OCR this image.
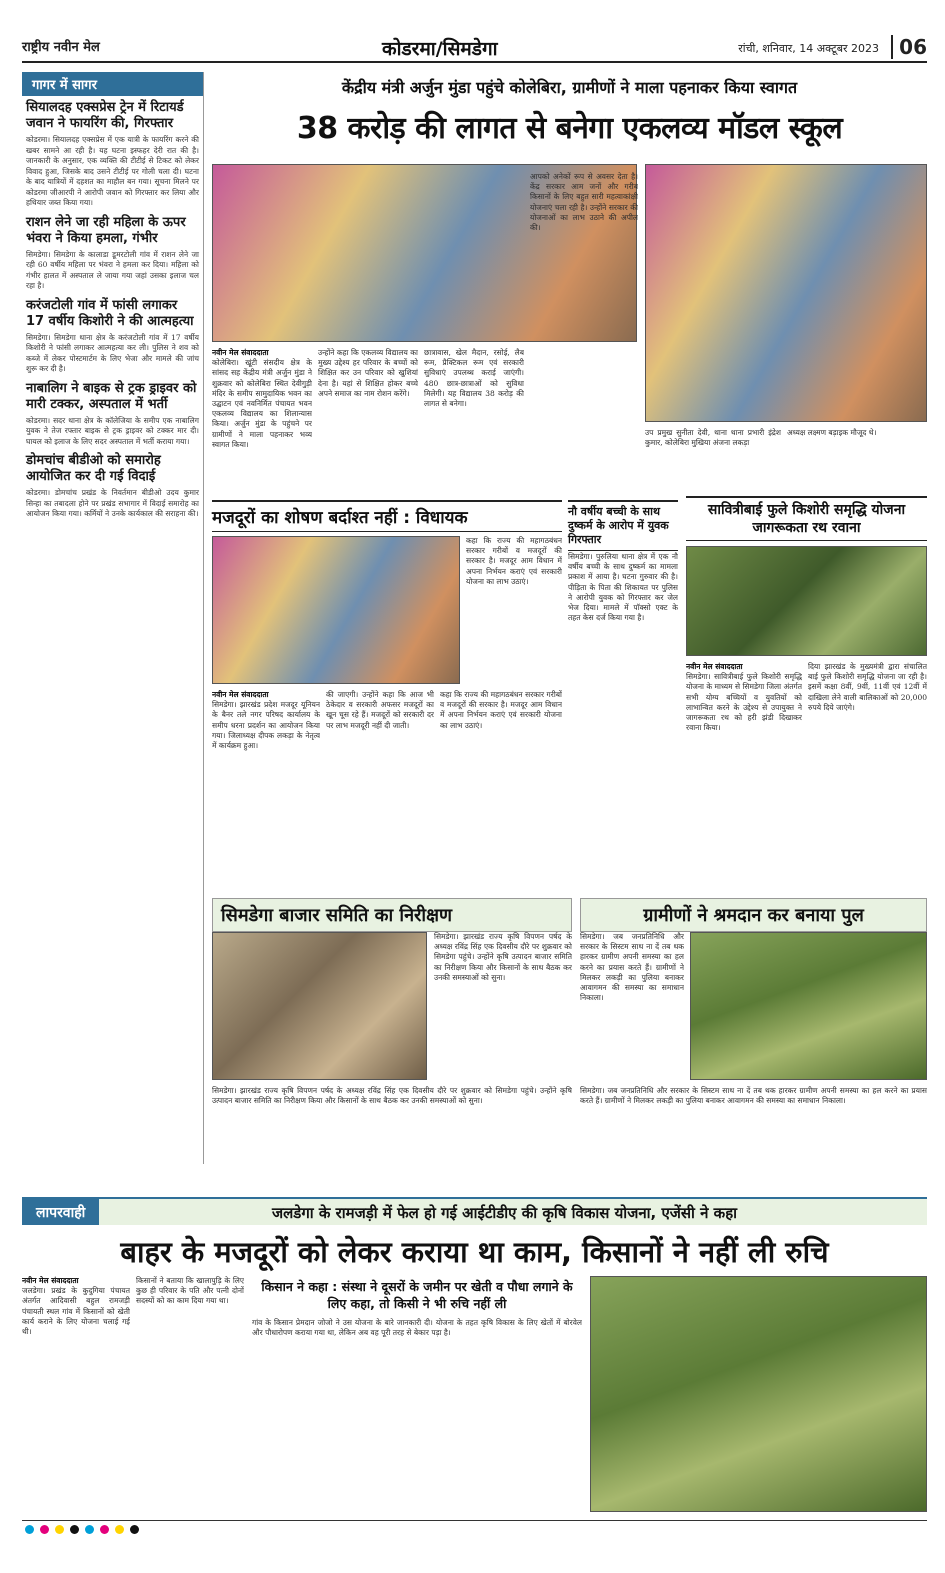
राष्ट्रीय नवीन मेल	कोडरमा/सिमडेगा	रांची, शनिवार, 14 अक्टूबर 2023	06
गागर में सागर
सियालदह एक्सप्रेस ट्रेन में रिटायर्ड जवान ने फायरिंग की, गिरफ्तार

कोडरमा। सियालदह एक्सप्रेस में एक यात्री के फायरिंग करने की खबर सामने आ रही है। यह घटना इस्फहर देरी रात की है। जानकारी के अनुसार, एक व्यक्ति की टीटीई से टिकट को लेकर विवाद हुआ, जिसके बाद उसने टीटीई पर गोली चला दी। घटना के बाद यात्रियों में दहशत का माहौल बन गया। सूचना मिलने पर कोडरमा जीआरपी ने आरोपी जवान को गिरफ्तार कर लिया और हथियार जब्त किया गया।

राशन लेने जा रही महिला के ऊपर भंवरा ने किया हमला, गंभीर

सिमडेगा। सिमडेगा के कालाडा डूमरटोली गांव में राशन लेने जा रही 60 वर्षीय महिला पर भंवरा ने हमला कर दिया। महिला को गंभीर हालत में अस्पताल ले जाया गया जहां उसका इलाज चल रहा है।

करंजटोली गांव में फांसी लगाकर 17 वर्षीय किशोरी ने की आत्महत्या

सिमडेगा। सिमडेगा थाना क्षेत्र के करंजटोली गांव में 17 वर्षीय किशोरी ने फांसी लगाकर आत्महत्या कर ली। पुलिस ने शव को कब्जे में लेकर पोस्टमार्टम के लिए भेजा और मामले की जांच शुरू कर दी है।

नाबालिग ने बाइक से ट्रक ड्राइवर को मारी टक्कर, अस्पताल में भर्ती

कोडरमा। सदर थाना क्षेत्र के कॉलेजिया के समीप एक नाबालिग युवक ने तेज रफ्तार बाइक से ट्रक ड्राइवर को टक्कर मार दी। घायल को इलाज के लिए सदर अस्पताल में भर्ती कराया गया।

डोमचांच बीडीओ को समारोह आयोजित कर दी गई विदाई

कोडरमा। डोमचांच प्रखंड के निवर्तमान बीडीओ उदय कुमार सिन्हा का तबादला होने पर प्रखंड सभागार में विदाई समारोह का आयोजन किया गया। कर्मियों ने उनके कार्यकाल की सराहना की।

केंद्रीय मंत्री अर्जुन मुंडा पहुंचे कोलेबिरा, ग्रामीणों ने माला पहनाकर किया स्वागत
38 करोड़ की लागत से बनेगा एकलव्य मॉडल स्कूल
नवीन मेल संवाददाता
कोलेबिरा। खूंटी संसदीय क्षेत्र के सांसद सह केंद्रीय मंत्री अर्जुन मुंडा ने शुक्रवार को कोलेबिरा स्थित देवीगुड़ी मंदिर के समीप सामुदायिक भवन का उद्घाटन एवं नवनिर्मित पंचायत भवन एकलव्य विद्यालय का शिलान्यास किया। अर्जुन मुंडा के पहुंचने पर ग्रामीणों ने माला पहनाकर भव्य स्वागत किया।
उन्होंने कहा कि एकलव्य विद्यालय का मुख्य उद्देश्य हर परिवार के बच्चों को शिक्षित कर उन परिवार को खुशियां देना है। यहां से शिक्षित होकर बच्चे अपने समाज का नाम रोशन करेंगे।
छात्रावास, खेल मैदान, रसोई, लैब रूम, प्रैक्टिकल रूम एवं सरकारी सुविधाएं उपलब्ध कराई जाएंगी। 480 छात्र-छात्राओं को सुविधा मिलेगी। यह विद्यालय 38 करोड़ की लागत से बनेगा।
आपको अनेकों रूप से अवसर देता है। केंद्र सरकार आम जनों और गरीब किसानों के लिए बहुत सारी महत्वाकांक्षी योजनाएं चला रही है। उन्होंने सरकार की योजनाओं का लाभ उठाने की अपील की।
उप प्रमुख सुनीता देवी, थाना थाना प्रभारी इंद्रेश कुमार, कोलेबिरा मुखिया अंजना लकड़ा
अध्यक्ष लक्ष्मण बड़ाइक मौजूद थे।
मजदूरों का शोषण बर्दाश्त नहीं : विधायक
कहा कि राज्य की महागठबंधन सरकार गरीबों व मजदूरों की सरकार है। मजदूर आम विधान में अपना निर्भयन कराएं एवं सरकारी योजना का लाभ उठाएं।
नवीन मेल संवाददाता
सिमडेगा। झारखंड प्रदेश मजदूर यूनियन के बैनर तले नगर परिषद कार्यालय के समीप धरना प्रदर्शन का आयोजन किया गया। जिलाध्यक्ष दीपक लकड़ा के नेतृत्व में कार्यक्रम हुआ।
की जाएगी। उन्होंने कहा कि आज भी ठेकेदार व सरकारी अफसर मजदूरों का खून चूस रहे हैं। मजदूरों को सरकारी दर पर लाभ मजदूरी नहीं दी जाती।
कहा कि राज्य की महागठबंधन सरकार गरीबों व मजदूरों की सरकार है। मजदूर आम विधान में अपना निर्भयन कराएं एवं सरकारी योजना का लाभ उठाएं।
नौ वर्षीय बच्ची के साथ दुष्कर्म के आरोप में युवक गिरफ्तार
सिमडेगा। पुरुलिया थाना क्षेत्र में एक नौ वर्षीय बच्ची के साथ दुष्कर्म का मामला प्रकाश में आया है। घटना गुरुवार की है। पीड़िता के पिता की शिकायत पर पुलिस ने आरोपी युवक को गिरफ्तार कर जेल भेज दिया। मामले में पॉक्सो एक्ट के तहत केस दर्ज किया गया है।
सावित्रीबाई फुले किशोरी समृद्धि योजना जागरूकता रथ रवाना
नवीन मेल संवाददाता
सिमडेगा। सावित्रीबाई फुले किशोरी समृद्धि योजना के माध्यम से सिमडेगा जिला अंतर्गत सभी योग्य बच्चियों व युवतियों को लाभान्वित करने के उद्देश्य से उपायुक्त ने जागरूकता रथ को हरी झंडी दिखाकर रवाना किया।
दिया झारखंड के मुख्यमंत्री द्वारा संचालित बाई फुले किशोरी समृद्धि योजना जा रही है। इसमें कक्षा 8वीं, 9वीं, 11वीं एवं 12वीं में दाखिला लेने वाली बालिकाओं को 20,000 रुपये दिये जाएंगे।
सिमडेगा बाजार समिति का निरीक्षण
सिमडेगा। झारखंड राज्य कृषि विपणन पर्षद के अध्यक्ष रविंद्र सिंह एक दिवसीय दौरे पर शुक्रवार को सिमडेगा पहुंचे। उन्होंने कृषि उत्पादन बाजार समिति का निरीक्षण किया और किसानों के साथ बैठक कर उनकी समस्याओं को सुना।
सिमडेगा। झारखंड राज्य कृषि विपणन पर्षद के अध्यक्ष रविंद्र सिंह एक दिवसीय दौरे पर शुक्रवार को सिमडेगा पहुंचे। उन्होंने कृषि उत्पादन बाजार समिति का निरीक्षण किया और किसानों के साथ बैठक कर उनकी समस्याओं को सुना।
ग्रामीणों ने श्रमदान कर बनाया पुल
सिमडेगा। जब जनप्रतिनिधि और सरकार के सिस्टम साथ ना दें तब थक हारकर ग्रामीण अपनी समस्या का हल करने का प्रयास करते हैं। ग्रामीणों ने मिलकर लकड़ी का पुलिया बनाकर आवागमन की समस्या का समाधान निकाला।
सिमडेगा। जब जनप्रतिनिधि और सरकार के सिस्टम साथ ना दें तब थक हारकर ग्रामीण अपनी समस्या का हल करने का प्रयास करते हैं। ग्रामीणों ने मिलकर लकड़ी का पुलिया बनाकर आवागमन की समस्या का समाधान निकाला।
लापरवाही	जलडेगा के रामजड़ी में फेल हो गई आईटीडीए की कृषि विकास योजना, एजेंसी ने कहा
बाहर के मजदूरों को लेकर कराया था काम, किसानों ने नहीं ली रुचि
नवीन मेल संवाददाता
जलडेगा। प्रखंड के कुदुगिया पंचायत अंतर्गत आदिवासी बहुल रामजड़ी पंचायती स्थल गांव में किसानों को खेती कार्य कराने के लिए योजना चलाई गई थी।
किसानों ने बताया कि खालापुड़ि के लिए कुछ ही परिवार के पति और पत्नी दोनों सदस्यों को का काम दिया गया था।
किसान ने कहा : संस्था ने दूसरों के जमीन पर खेती व पौधा लगाने के लिए कहा, तो किसी ने भी रुचि नहीं ली
गांव के किसान प्रेमदान जोजो ने उस योजना के बारे जानकारी दी। योजना के तहत कृषि विकास के लिए खेतों में बोरवेल और पौधारोपण कराया गया था, लेकिन अब वह पूरी तरह से बेकार पड़ा है।
